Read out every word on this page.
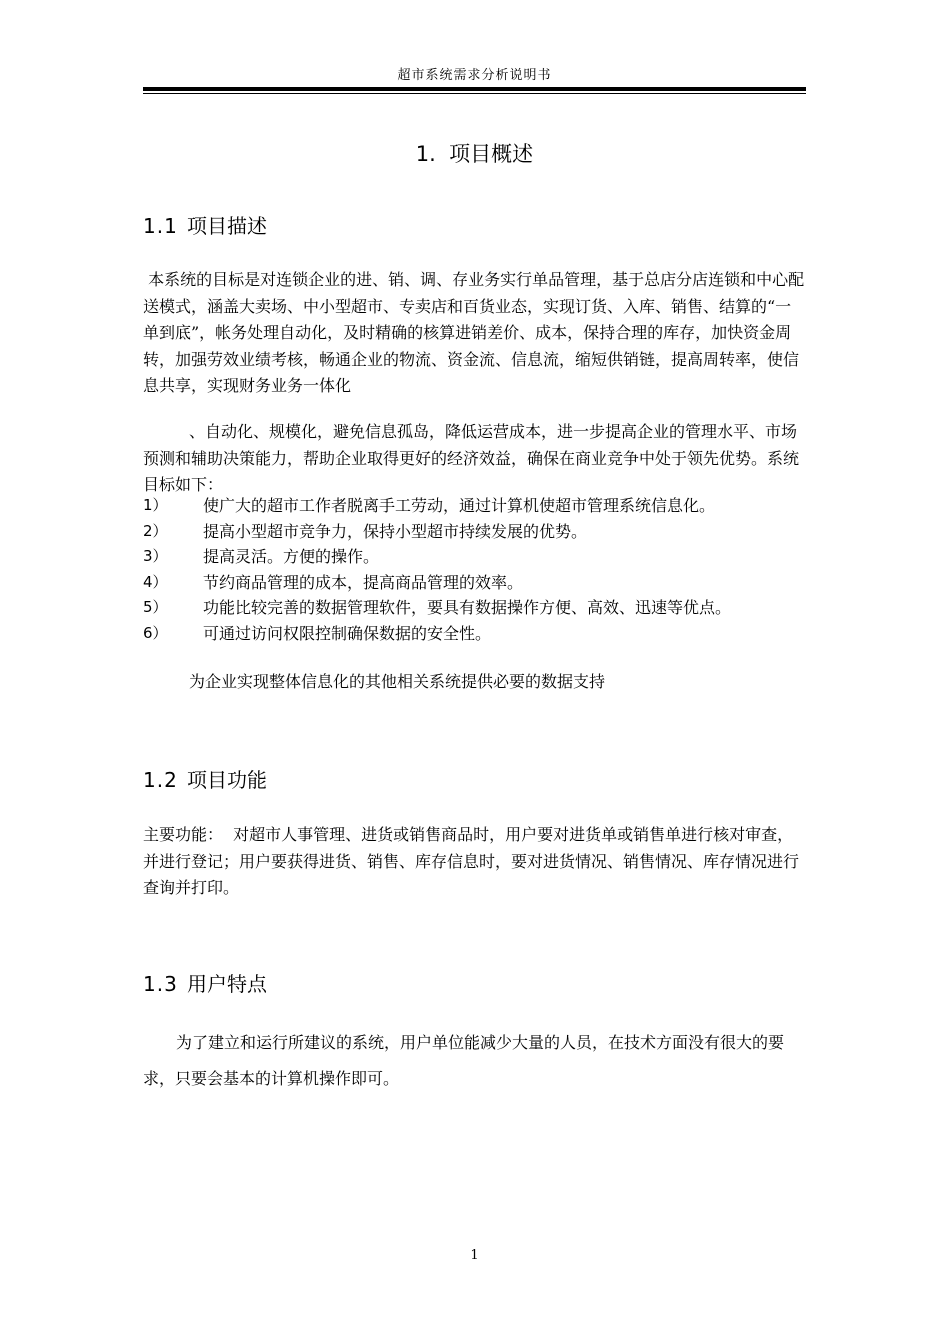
超市系统需求分析说明书
1.  项目概述
1.1 项目描述

本系统的目标是对连锁企业的进、销、调、存业务实行单品管理，基于总店分店连锁和中心配送模式，涵盖大卖场、中小型超市、专卖店和百货业态，实现订货、入库、销售、结算的“一单到底”，帐务处理自动化，及时精确的核算进销差价、成本，保持合理的库存，加快资金周转，加强劳效业绩考核，畅通企业的物流、资金流、信息流，缩短供销链，提高周转率，使信息共享，实现财务业务一体化

、自动化、规模化，避免信息孤岛，降低运营成本，进一步提高企业的管理水平、市场预测和辅助决策能力，帮助企业取得更好的经济效益，确保在商业竞争中处于领先优势。系统目标如下：

1） 使广大的超市工作者脱离手工劳动，通过计算机使超市管理系统信息化。
2） 提高小型超市竞争力，保持小型超市持续发展的优势。
3） 提高灵活。方便的操作。
4） 节约商品管理的成本，提高商品管理的效率。
5） 功能比较完善的数据管理软件，要具有数据操作方便、高效、迅速等优点。
6） 可通过访问权限控制确保数据的安全性。

为企业实现整体信息化的其他相关系统提供必要的数据支持

1.2 项目功能

主要功能：  对超市人事管理、进货或销售商品时，用户要对进货单或销售单进行核对审查，并进行登记；用户要获得进货、销售、库存信息时，要对进货情况、销售情况、库存情况进行查询并打印。

1.3 用户特点

为了建立和运行所建议的系统，用户单位能减少大量的人员，在技术方面没有很大的要求，只要会基本的计算机操作即可。

1
